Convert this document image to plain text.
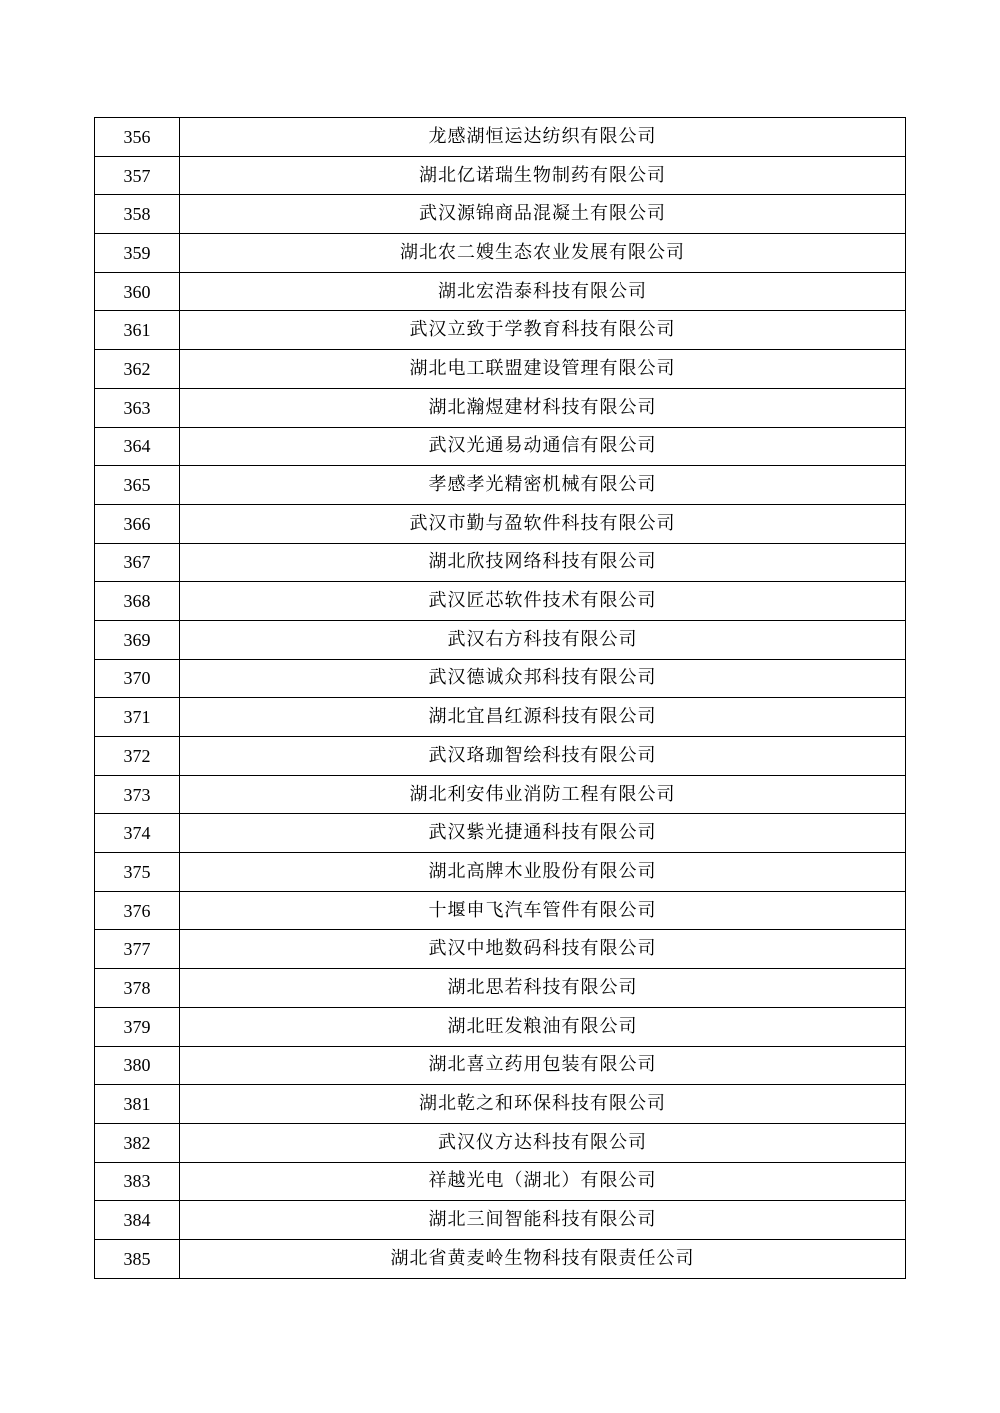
356	龙感湖恒运达纺织有限公司
357	湖北亿诺瑞生物制药有限公司
358	武汉源锦商品混凝土有限公司
359	湖北农二嫂生态农业发展有限公司
360	湖北宏浩泰科技有限公司
361	武汉立致于学教育科技有限公司
362	湖北电工联盟建设管理有限公司
363	湖北瀚煜建材科技有限公司
364	武汉光通易动通信有限公司
365	孝感孝光精密机械有限公司
366	武汉市勤与盈软件科技有限公司
367	湖北欣技网络科技有限公司
368	武汉匠芯软件技术有限公司
369	武汉右方科技有限公司
370	武汉德诚众邦科技有限公司
371	湖北宜昌红源科技有限公司
372	武汉珞珈智绘科技有限公司
373	湖北利安伟业消防工程有限公司
374	武汉紫光捷通科技有限公司
375	湖北高牌木业股份有限公司
376	十堰申飞汽车管件有限公司
377	武汉中地数码科技有限公司
378	湖北思若科技有限公司
379	湖北旺发粮油有限公司
380	湖北喜立药用包装有限公司
381	湖北乾之和环保科技有限公司
382	武汉仪方达科技有限公司
383	祥越光电（湖北）有限公司
384	湖北三间智能科技有限公司
385	湖北省黄麦岭生物科技有限责任公司
